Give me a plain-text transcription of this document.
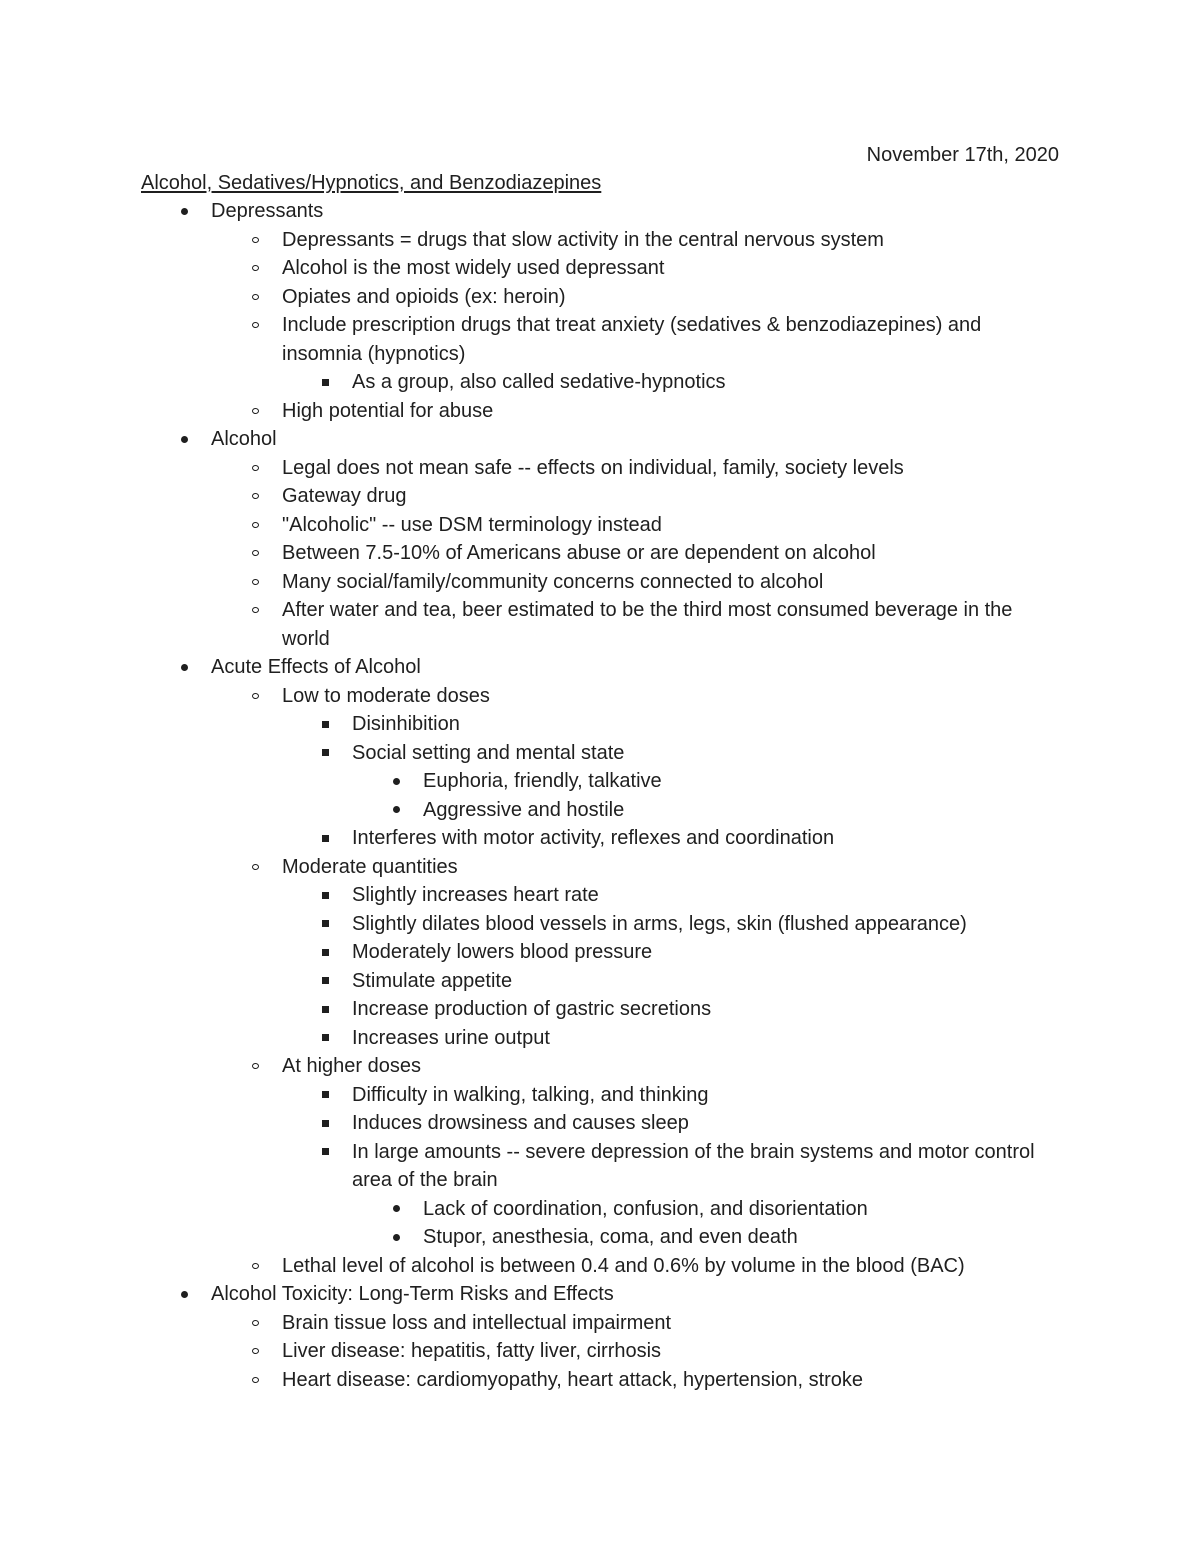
November 17th, 2020
Alcohol, Sedatives/Hypnotics, and Benzodiazepines
Depressants
Depressants = drugs that slow activity in the central nervous system
Alcohol is the most widely used depressant
Opiates and opioids (ex: heroin)
Include prescription drugs that treat anxiety (sedatives & benzodiazepines) and insomnia (hypnotics)
As a group, also called sedative-hypnotics
High potential for abuse
Alcohol
Legal does not mean safe -- effects on individual, family, society levels
Gateway drug
"Alcoholic" -- use DSM terminology instead
Between 7.5-10% of Americans abuse or are dependent on alcohol
Many social/family/community concerns connected to alcohol
After water and tea, beer estimated to be the third most consumed beverage in the world
Acute Effects of Alcohol
Low to moderate doses
Disinhibition
Social setting and mental state
Euphoria, friendly, talkative
Aggressive and hostile
Interferes with motor activity, reflexes and coordination
Moderate quantities
Slightly increases heart rate
Slightly dilates blood vessels in arms, legs, skin (flushed appearance)
Moderately lowers blood pressure
Stimulate appetite
Increase production of gastric secretions
Increases urine output
At higher doses
Difficulty in walking, talking, and thinking
Induces drowsiness and causes sleep
In large amounts -- severe depression of the brain systems and motor control area of the brain
Lack of coordination, confusion, and disorientation
Stupor, anesthesia, coma, and even death
Lethal level of alcohol is between 0.4 and 0.6% by volume in the blood (BAC)
Alcohol Toxicity: Long-Term Risks and Effects
Brain tissue loss and intellectual impairment
Liver disease: hepatitis, fatty liver, cirrhosis
Heart disease: cardiomyopathy, heart attack, hypertension, stroke
